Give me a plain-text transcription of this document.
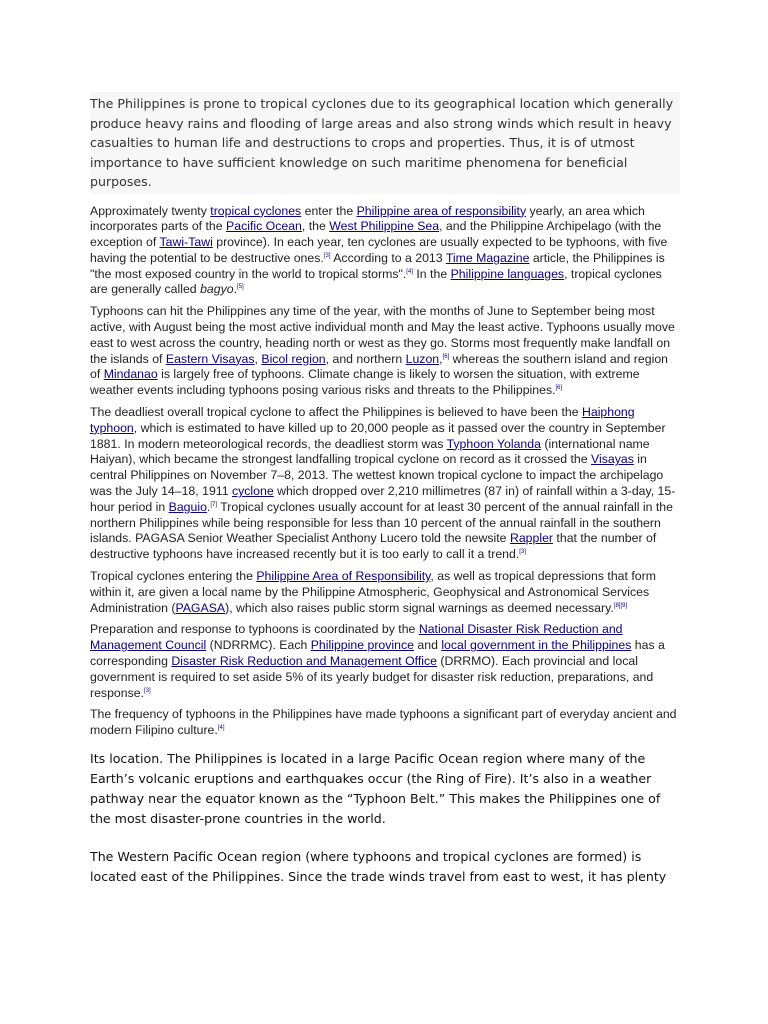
The Philippines is prone to tropical cyclones due to its geographical location which generally produce heavy rains and flooding of large areas and also strong winds which result in heavy casualties to human life and destructions to crops and properties. Thus, it is of utmost importance to have sufficient knowledge on such maritime phenomena for beneficial purposes.

Approximately twenty tropical cyclones enter the Philippine area of responsibility yearly, an area which incorporates parts of the Pacific Ocean, the West Philippine Sea, and the Philippine Archipelago (with the exception of Tawi-Tawi province). In each year, ten cyclones are usually expected to be typhoons, with five having the potential to be destructive ones.[3] According to a 2013 Time Magazine article, the Philippines is "the most exposed country in the world to tropical storms".[4] In the Philippine languages, tropical cyclones are generally called bagyo.[5]

Typhoons can hit the Philippines any time of the year, with the months of June to September being most active, with August being the most active individual month and May the least active. Typhoons usually move east to west across the country, heading north or west as they go. Storms most frequently make landfall on the islands of Eastern Visayas, Bicol region, and northern Luzon,[6] whereas the southern island and region of Mindanao is largely free of typhoons. Climate change is likely to worsen the situation, with extreme weather events including typhoons posing various risks and threats to the Philippines.[6]

The deadliest overall tropical cyclone to affect the Philippines is believed to have been the Haiphong typhoon, which is estimated to have killed up to 20,000 people as it passed over the country in September 1881. In modern meteorological records, the deadliest storm was Typhoon Yolanda (international name Haiyan), which became the strongest landfalling tropical cyclone on record as it crossed the Visayas in central Philippines on November 7–8, 2013. The wettest known tropical cyclone to impact the archipelago was the July 14–18, 1911 cyclone which dropped over 2,210 millimetres (87 in) of rainfall within a 3-day, 15-hour period in Baguio.[7] Tropical cyclones usually account for at least 30 percent of the annual rainfall in the northern Philippines while being responsible for less than 10 percent of the annual rainfall in the southern islands. PAGASA Senior Weather Specialist Anthony Lucero told the newsite Rappler that the number of destructive typhoons have increased recently but it is too early to call it a trend.[3]

Tropical cyclones entering the Philippine Area of Responsibility, as well as tropical depressions that form within it, are given a local name by the Philippine Atmospheric, Geophysical and Astronomical Services Administration (PAGASA), which also raises public storm signal warnings as deemed necessary.[8][9]

Preparation and response to typhoons is coordinated by the National Disaster Risk Reduction and Management Council (NDRRMC). Each Philippine province and local government in the Philippines has a corresponding Disaster Risk Reduction and Management Office (DRRMO). Each provincial and local government is required to set aside 5% of its yearly budget for disaster risk reduction, preparations, and response.[3]

The frequency of typhoons in the Philippines have made typhoons a significant part of everyday ancient and modern Filipino culture.[4]

Its location. The Philippines is located in a large Pacific Ocean region where many of the Earth’s volcanic eruptions and earthquakes occur (the Ring of Fire). It’s also in a weather pathway near the equator known as the “Typhoon Belt.” This makes the Philippines one of the most disaster-prone countries in the world.

The Western Pacific Ocean region (where typhoons and tropical cyclones are formed) is located east of the Philippines. Since the trade winds travel from east to west, it has plenty
